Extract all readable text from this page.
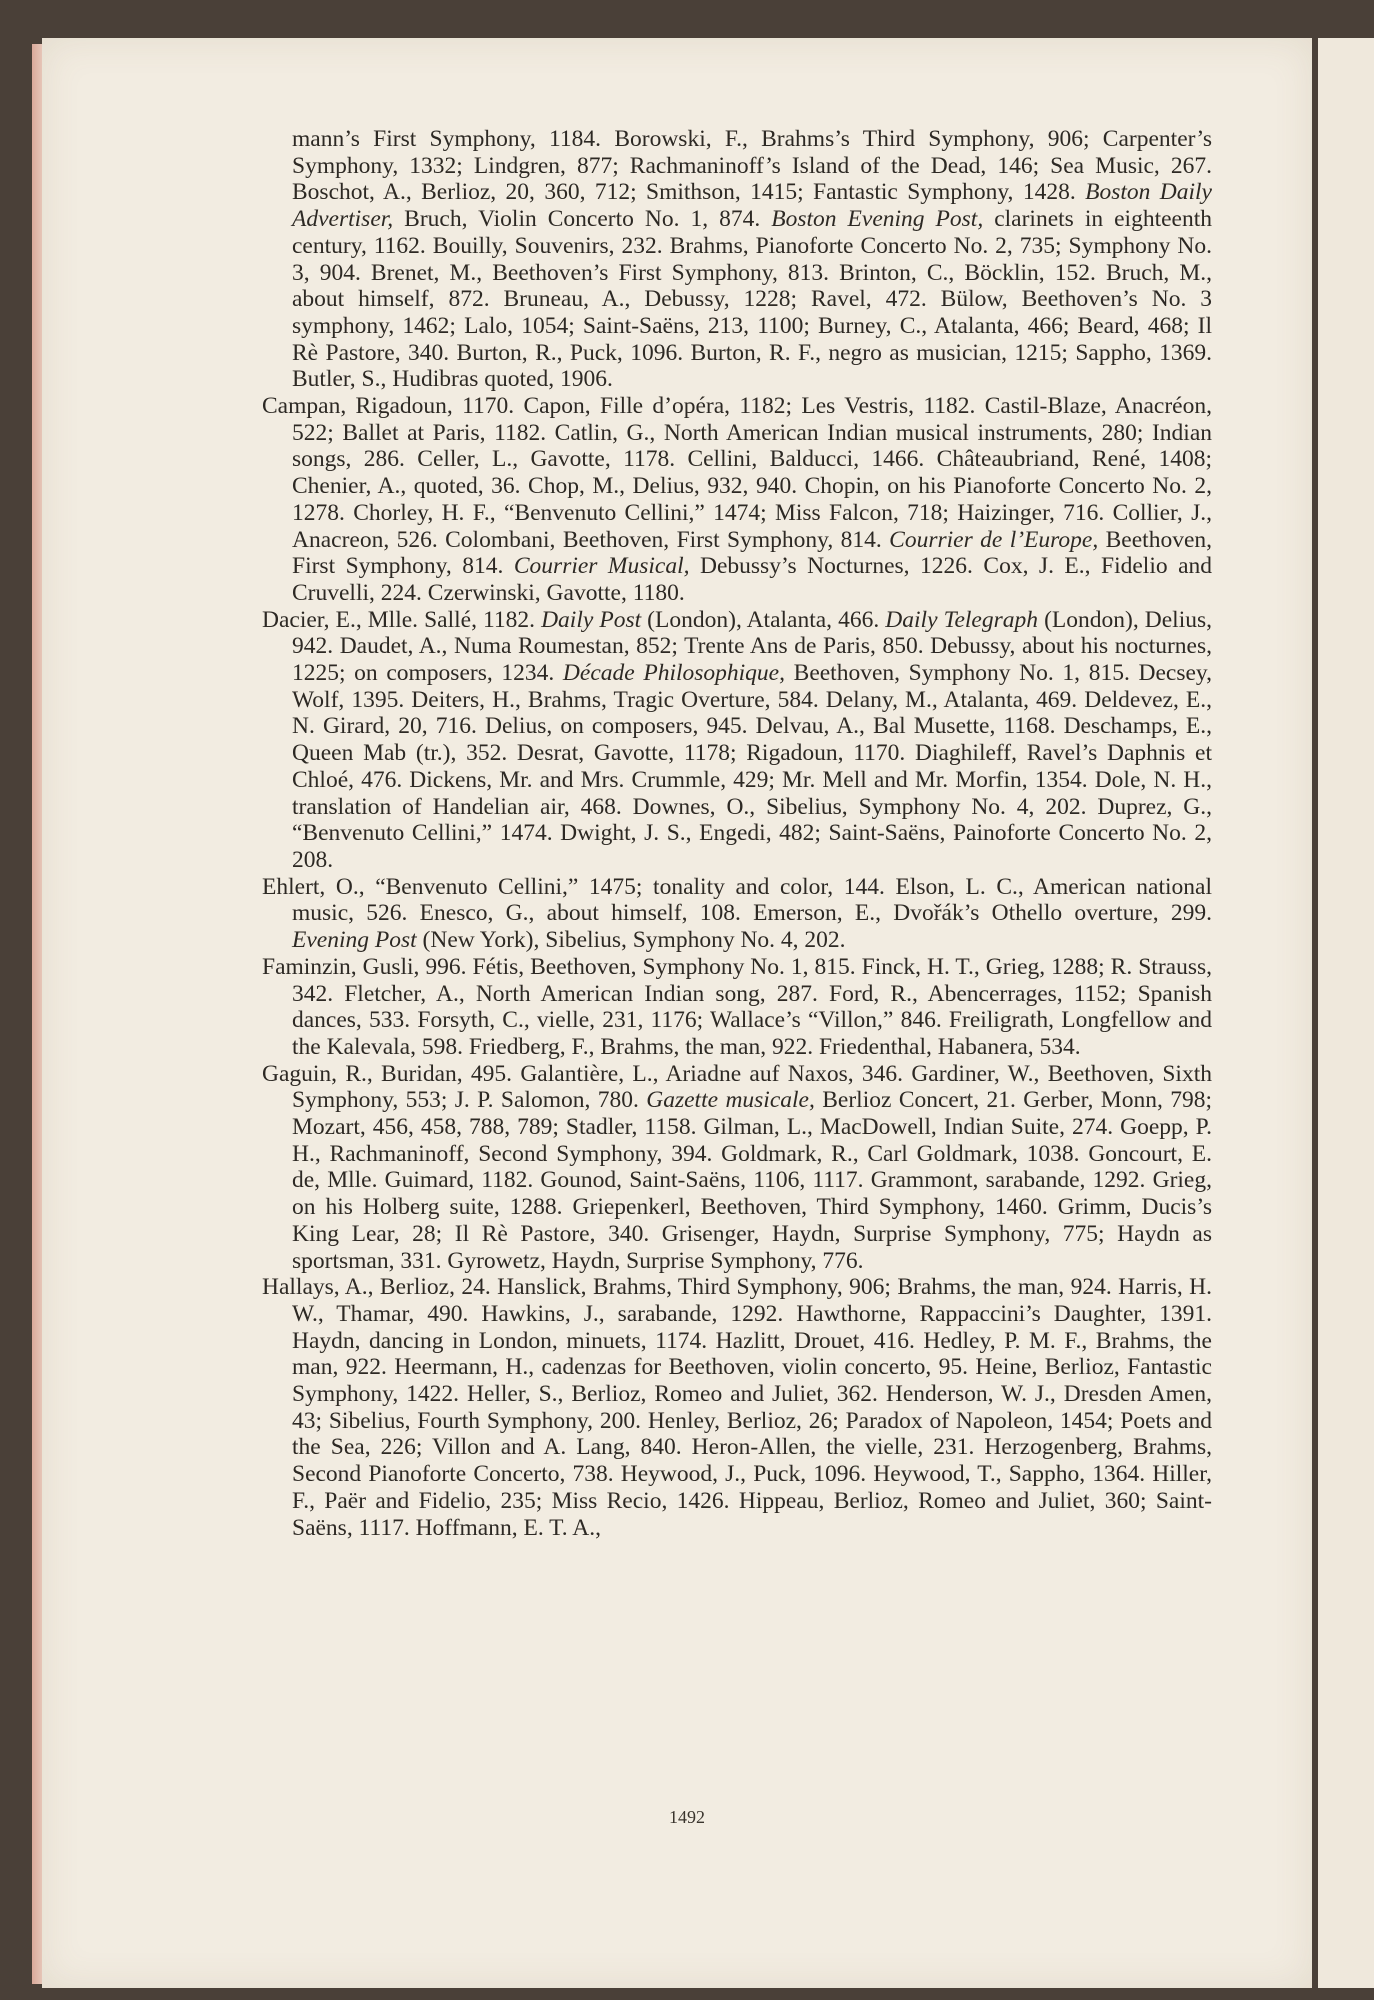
mann’s First Symphony, 1184. Borowski, F., Brahms’s Third Symphony, 906; Carpenter’s Symphony, 1332; Lindgren, 877; Rachmaninoff’s Island of the Dead, 146; Sea Music, 267. Boschot, A., Berlioz, 20, 360, 712; Smithson, 1415; Fantastic Symphony, 1428. Boston Daily Advertiser, Bruch, Violin Concerto No. 1, 874. Boston Evening Post, clarinets in eighteenth century, 1162. Bouilly, Souvenirs, 232. Brahms, Pianoforte Concerto No. 2, 735; Symphony No. 3, 904. Brenet, M., Beethoven’s First Symphony, 813. Brinton, C., Böcklin, 152. Bruch, M., about himself, 872. Bruneau, A., Debussy, 1228; Ravel, 472. Bülow, Beethoven’s No. 3 symphony, 1462; Lalo, 1054; Saint-Saëns, 213, 1100; Burney, C., Atalanta, 466; Beard, 468; Il Rè Pastore, 340. Burton, R., Puck, 1096. Burton, R. F., negro as musician, 1215; Sappho, 1369. Butler, S., Hudibras quoted, 1906.

Campan, Rigadoun, 1170. Capon, Fille d’opéra, 1182; Les Vestris, 1182. Castil-Blaze, Anacréon, 522; Ballet at Paris, 1182. Catlin, G., North American Indian musical instruments, 280; Indian songs, 286. Celler, L., Gavotte, 1178. Cellini, Balducci, 1466. Châteaubriand, René, 1408; Chenier, A., quoted, 36. Chop, M., Delius, 932, 940. Chopin, on his Pianoforte Concerto No. 2, 1278. Chorley, H. F., “Benvenuto Cellini,” 1474; Miss Falcon, 718; Haizinger, 716. Collier, J., Anacreon, 526. Colombani, Beethoven, First Symphony, 814. Courrier de l’Europe, Beethoven, First Symphony, 814. Courrier Musical, Debussy’s Nocturnes, 1226. Cox, J. E., Fidelio and Cruvelli, 224. Czerwinski, Gavotte, 1180.

Dacier, E., Mlle. Sallé, 1182. Daily Post (London), Atalanta, 466. Daily Telegraph (London), Delius, 942. Daudet, A., Numa Roumestan, 852; Trente Ans de Paris, 850. Debussy, about his nocturnes, 1225; on composers, 1234. Décade Philosophique, Beethoven, Symphony No. 1, 815. Decsey, Wolf, 1395. Deiters, H., Brahms, Tragic Overture, 584. Delany, M., Atalanta, 469. Deldevez, E., N. Girard, 20, 716. Delius, on composers, 945. Delvau, A., Bal Musette, 1168. Deschamps, E., Queen Mab (tr.), 352. Desrat, Gavotte, 1178; Rigadoun, 1170. Diaghileff, Ravel’s Daphnis et Chloé, 476. Dickens, Mr. and Mrs. Crummle, 429; Mr. Mell and Mr. Morfin, 1354. Dole, N. H., translation of Handelian air, 468. Downes, O., Sibelius, Symphony No. 4, 202. Duprez, G., “Benvenuto Cellini,” 1474. Dwight, J. S., Engedi, 482; Saint-Saëns, Painoforte Concerto No. 2, 208.

Ehlert, O., “Benvenuto Cellini,” 1475; tonality and color, 144. Elson, L. C., American national music, 526. Enesco, G., about himself, 108. Emerson, E., Dvořák’s Othello overture, 299. Evening Post (New York), Sibelius, Symphony No. 4, 202.

Faminzin, Gusli, 996. Fétis, Beethoven, Symphony No. 1, 815. Finck, H. T., Grieg, 1288; R. Strauss, 342. Fletcher, A., North American Indian song, 287. Ford, R., Abencerrages, 1152; Spanish dances, 533. Forsyth, C., vielle, 231, 1176; Wallace’s “Villon,” 846. Freiligrath, Longfellow and the Kalevala, 598. Friedberg, F., Brahms, the man, 922. Friedenthal, Habanera, 534.

Gaguin, R., Buridan, 495. Galantière, L., Ariadne auf Naxos, 346. Gardiner, W., Beethoven, Sixth Symphony, 553; J. P. Salomon, 780. Gazette musicale, Berlioz Concert, 21. Gerber, Monn, 798; Mozart, 456, 458, 788, 789; Stadler, 1158. Gilman, L., MacDowell, Indian Suite, 274. Goepp, P. H., Rachmaninoff, Second Symphony, 394. Goldmark, R., Carl Goldmark, 1038. Goncourt, E. de, Mlle. Guimard, 1182. Gounod, Saint-Saëns, 1106, 1117. Grammont, sarabande, 1292. Grieg, on his Holberg suite, 1288. Griepenkerl, Beethoven, Third Symphony, 1460. Grimm, Ducis’s King Lear, 28; Il Rè Pastore, 340. Grisenger, Haydn, Surprise Symphony, 775; Haydn as sportsman, 331. Gyrowetz, Haydn, Surprise Symphony, 776.

Hallays, A., Berlioz, 24. Hanslick, Brahms, Third Symphony, 906; Brahms, the man, 924. Harris, H. W., Thamar, 490. Hawkins, J., sarabande, 1292. Hawthorne, Rappaccini’s Daughter, 1391. Haydn, dancing in London, minuets, 1174. Hazlitt, Drouet, 416. Hedley, P. M. F., Brahms, the man, 922. Heermann, H., cadenzas for Beethoven, violin concerto, 95. Heine, Berlioz, Fantastic Symphony, 1422. Heller, S., Berlioz, Romeo and Juliet, 362. Henderson, W. J., Dresden Amen, 43; Sibelius, Fourth Symphony, 200. Henley, Berlioz, 26; Paradox of Napoleon, 1454; Poets and the Sea, 226; Villon and A. Lang, 840. Heron-Allen, the vielle, 231. Herzogenberg, Brahms, Second Pianoforte Concerto, 738. Heywood, J., Puck, 1096. Heywood, T., Sappho, 1364. Hiller, F., Paër and Fidelio, 235; Miss Recio, 1426. Hippeau, Berlioz, Romeo and Juliet, 360; Saint-Saëns, 1117. Hoffmann, E. T. A.,

1492
